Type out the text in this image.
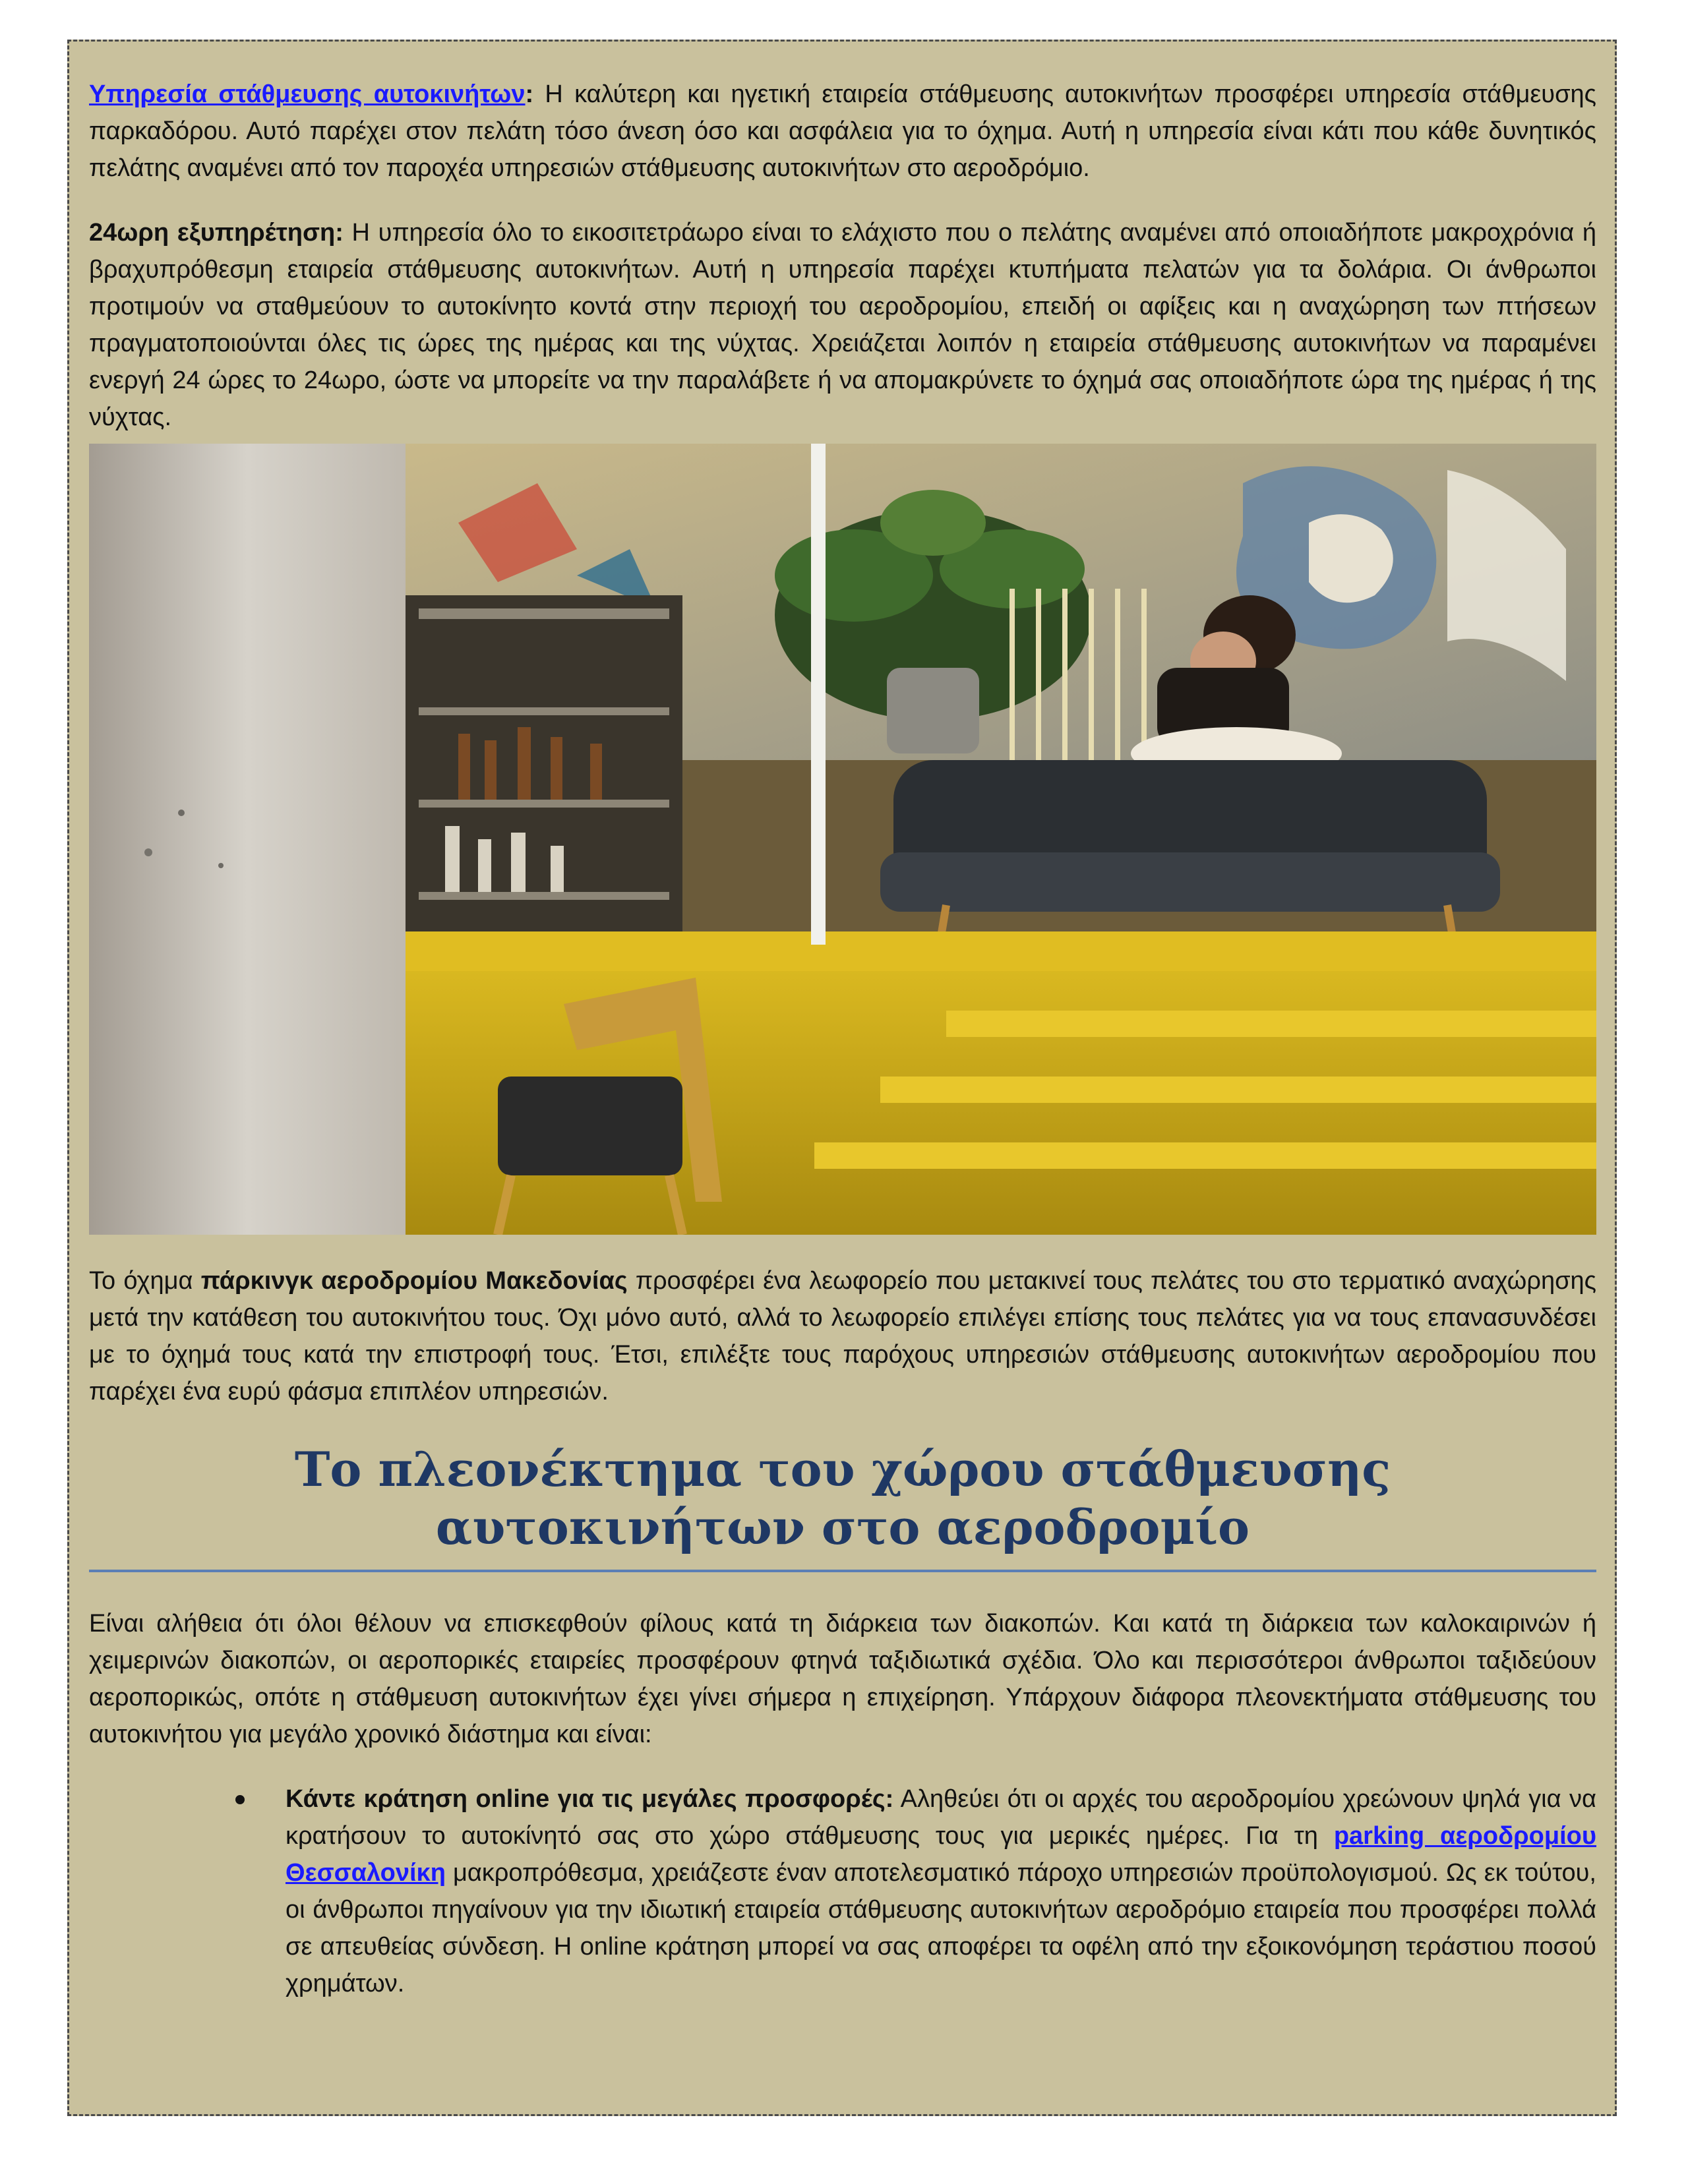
Υπηρεσία στάθμευσης αυτοκινήτων: Η καλύτερη και ηγετική εταιρεία στάθμευσης αυτοκινήτων προσφέρει υπηρεσία στάθμευσης παρκαδόρου. Αυτό παρέχει στον πελάτη τόσο άνεση όσο και ασφάλεια για το όχημα. Αυτή η υπηρεσία είναι κάτι που κάθε δυνητικός πελάτης αναμένει από τον παροχέα υπηρεσιών στάθμευσης αυτοκινήτων στο αεροδρόμιο.

24ωρη εξυπηρέτηση: Η υπηρεσία όλο το εικοσιτετράωρο είναι το ελάχιστο που ο πελάτης αναμένει από οποιαδήποτε μακροχρόνια ή βραχυπρόθεσμη εταιρεία στάθμευσης αυτοκινήτων. Αυτή η υπηρεσία παρέχει κτυπήματα πελατών για τα δολάρια. Οι άνθρωποι προτιμούν να σταθμεύουν το αυτοκίνητο κοντά στην περιοχή του αεροδρομίου, επειδή οι αφίξεις και η αναχώρηση των πτήσεων πραγματοποιούνται όλες τις ώρες της ημέρας και της νύχτας. Χρειάζεται λοιπόν η εταιρεία στάθμευσης αυτοκινήτων να παραμένει ενεργή 24 ώρες το 24ωρο, ώστε να μπορείτε να την παραλάβετε ή να απομακρύνετε το όχημά σας οποιαδήποτε ώρα της ημέρας ή της νύχτας.

Το όχημα πάρκινγκ αεροδρομίου Μακεδονίας προσφέρει ένα λεωφορείο που μετακινεί τους πελάτες του στο τερματικό αναχώρησης μετά την κατάθεση του αυτοκινήτου τους. Όχι μόνο αυτό, αλλά το λεωφορείο επιλέγει επίσης τους πελάτες για να τους επανασυνδέσει με το όχημά τους κατά την επιστροφή τους. Έτσι, επιλέξτε τους παρόχους υπηρεσιών στάθμευσης αυτοκινήτων αεροδρομίου που παρέχει ένα ευρύ φάσμα επιπλέον υπηρεσιών.

Το πλεονέκτημα του χώρου στάθμευσης αυτοκινήτων στο αεροδρομίο

Είναι αλήθεια ότι όλοι θέλουν να επισκεφθούν φίλους κατά τη διάρκεια των διακοπών. Και κατά τη διάρκεια των καλοκαιρινών ή χειμερινών διακοπών, οι αεροπορικές εταιρείες προσφέρουν φτηνά ταξιδιωτικά σχέδια. Όλο και περισσότεροι άνθρωποι ταξιδεύουν αεροπορικώς, οπότε η στάθμευση αυτοκινήτων έχει γίνει σήμερα η επιχείρηση. Υπάρχουν διάφορα πλεονεκτήματα στάθμευσης του αυτοκινήτου για μεγάλο χρονικό διάστημα και είναι:

Κάντε κράτηση online για τις μεγάλες προσφορές: Αληθεύει ότι οι αρχές του αεροδρομίου χρεώνουν ψηλά για να κρατήσουν το αυτοκίνητό σας στο χώρο στάθμευσης τους για μερικές ημέρες. Για τη parking αεροδρομίου Θεσσαλονίκη μακροπρόθεσμα, χρειάζεστε έναν αποτελεσματικό πάροχο υπηρεσιών προϋπολογισμού. Ως εκ τούτου, οι άνθρωποι πηγαίνουν για την ιδιωτική εταιρεία στάθμευσης αυτοκινήτων αεροδρόμιο εταιρεία που προσφέρει πολλά σε απευθείας σύνδεση. Η online κράτηση μπορεί να σας αποφέρει τα οφέλη από την εξοικονόμηση τεράστιου ποσού χρημάτων.
